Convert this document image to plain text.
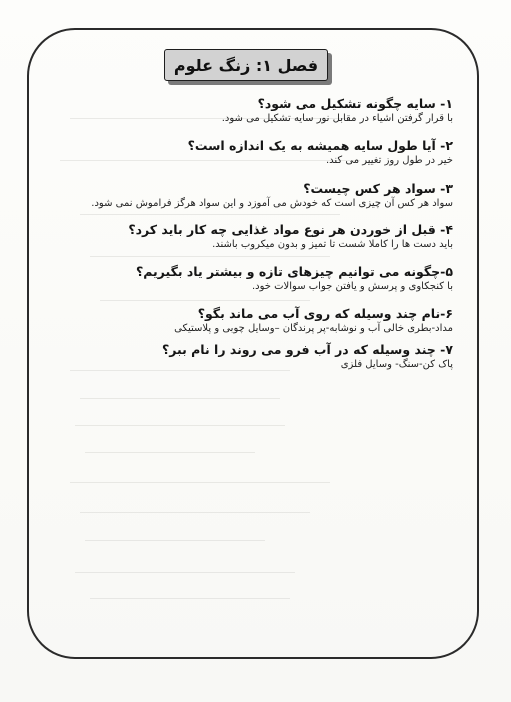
فصل ۱: زنگ علوم
۱- سایه چگونه تشکیل می شود؟
با قرار گرفتن اشیاء در مقابل نور سایه تشکیل می شود.
۲- آیا طول سایه همیشه به یک اندازه است؟
خیر در طول روز تغییر می کند.
۳- سواد هر کس چیست؟
سواد هر کس آن چیزی است که خودش می آموزد و این سواد هرگز فراموش نمی شود.
۴- قبل از خوردن هر نوع مواد غذایی چه کار باید کرد؟
باید دست ها را کاملا شست تا تمیز و بدون میکروب باشند.
۵-چگونه می توانیم چیزهای تازه و بیشتر یاد بگیریم؟
با کنجکاوی و پرسش و یافتن جواب سوالات خود.
۶-نام چند وسیله که روی آب می ماند بگو؟
مداد-بطری خالی آب و نوشابه-پر پرندگان –وسایل چوبی و پلاستیکی
۷- چند وسیله که در آب فرو می روند را نام ببر؟
پاک کن-سنگ- وسایل فلزی
